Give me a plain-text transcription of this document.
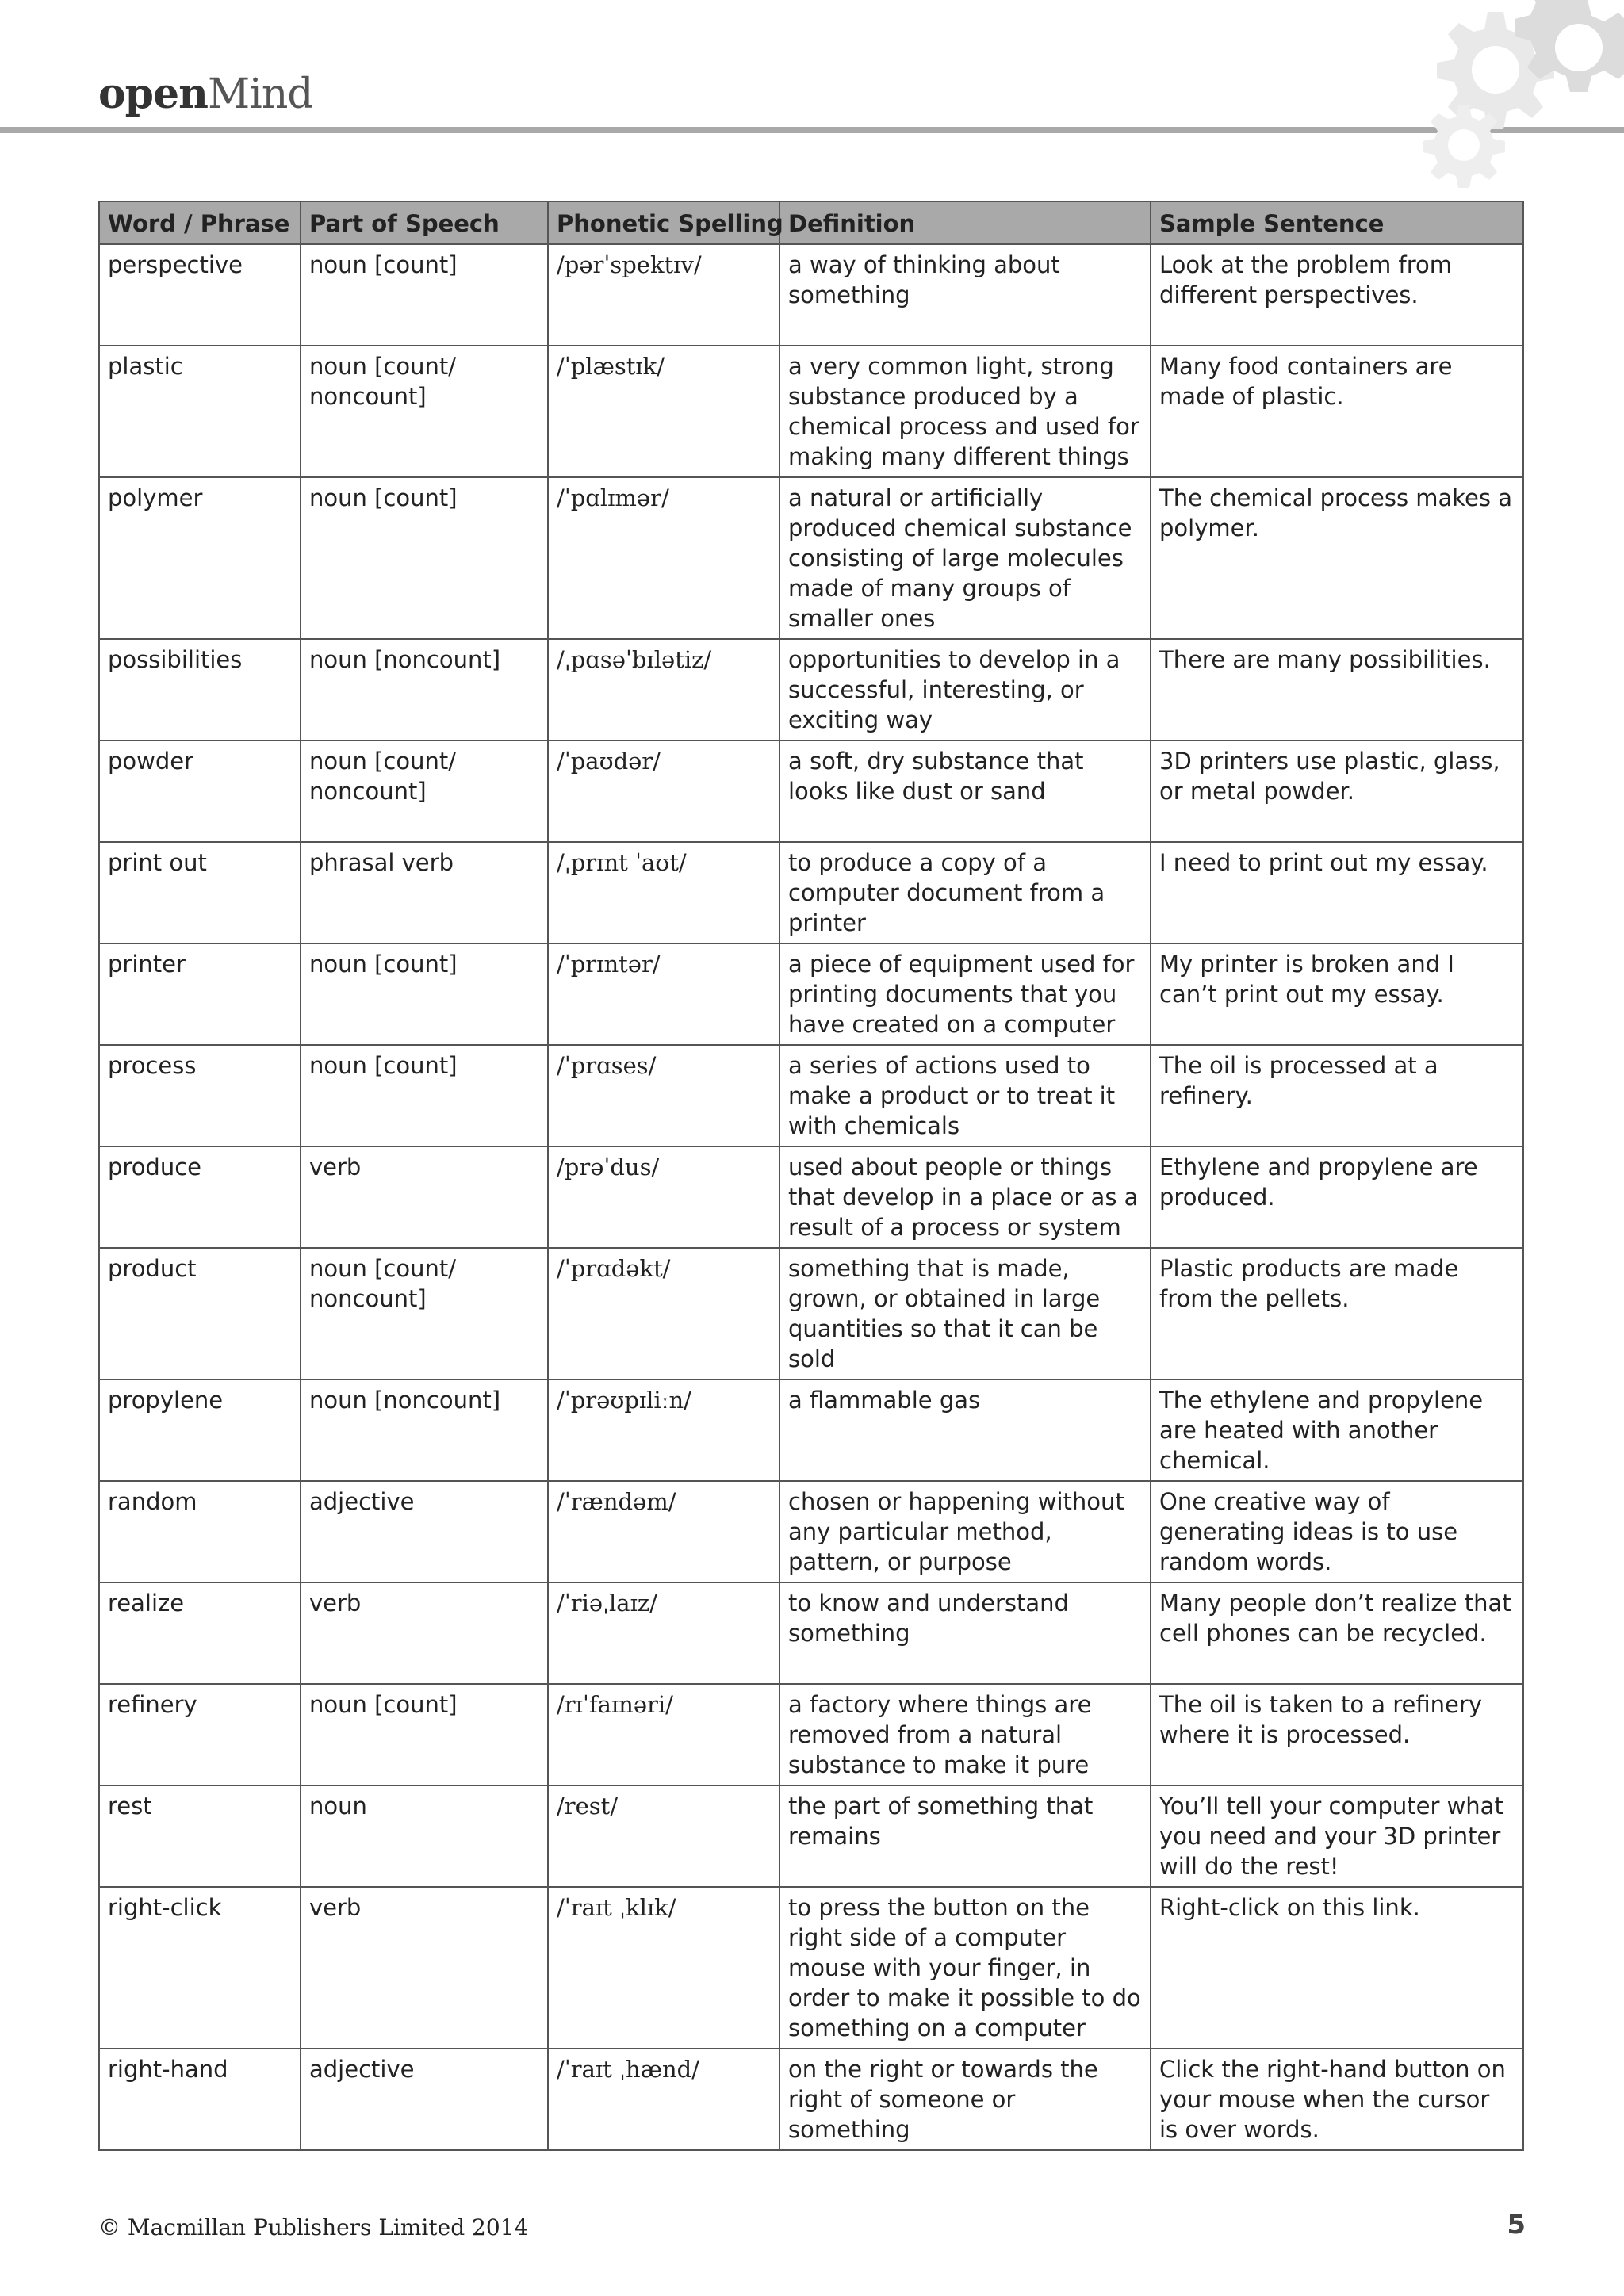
openMind
Word / Phrase	Part of Speech	Phonetic Spelling	Definition	Sample Sentence
perspective	noun [count]	/pərˈspektɪv/	a way of thinking about something	Look at the problem from different perspectives.
plastic	noun [count/ noncount]	/ˈplæstɪk/	a very common light, strong substance produced by a chemical process and used for making many different things	Many food containers are made of plastic.
polymer	noun [count]	/ˈpɑlɪmər/	a natural or artificially produced chemical substance consisting of large molecules made of many groups of smaller ones	The chemical process makes a polymer.
possibilities	noun [noncount]	/ˌpɑsəˈbɪlətiz/	opportunities to develop in a successful, interesting, or exciting way	There are many possibilities.
powder	noun [count/ noncount]	/ˈpaʊdər/	a soft, dry substance that looks like dust or sand	3D printers use plastic, glass, or metal powder.
print out	phrasal verb	/ˌprɪnt ˈaʊt/	to produce a copy of a computer document from a printer	I need to print out my essay.
printer	noun [count]	/ˈprɪntər/	a piece of equipment used for printing documents that you have created on a computer	My printer is broken and I can’t print out my essay.
process	noun [count]	/ˈprɑses/	a series of actions used to make a product or to treat it with chemicals	The oil is processed at a refinery.
produce	verb	/prəˈdus/	used about people or things that develop in a place or as a result of a process or system	Ethylene and propylene are produced.
product	noun [count/ noncount]	/ˈprɑdəkt/	something that is made, grown, or obtained in large quantities so that it can be sold	Plastic products are made from the pellets.
propylene	noun [noncount]	/ˈprəʊpɪliːn/	a flammable gas	The ethylene and propylene are heated with another chemical.
random	adjective	/ˈrændəm/	chosen or happening without any particular method, pattern, or purpose	One creative way of generating ideas is to use random words.
realize	verb	/ˈriəˌlaɪz/	to know and understand something	Many people don’t realize that cell phones can be recycled.
refinery	noun [count]	/rɪˈfaɪnəri/	a factory where things are removed from a natural substance to make it pure	The oil is taken to a refinery where it is processed.
rest	noun	/rest/	the part of something that remains	You’ll tell your computer what you need and your 3D printer will do the rest!
right-click	verb	/ˈraɪt ˌklɪk/	to press the button on the right side of a computer mouse with your finger, in order to make it possible to do something on a computer	Right-click on this link.
right-hand	adjective	/ˈraɪt ˌhænd/	on the right or towards the right of someone or something	Click the right-hand button on your mouse when the cursor is over words.
© Macmillan Publishers Limited 2014	5
